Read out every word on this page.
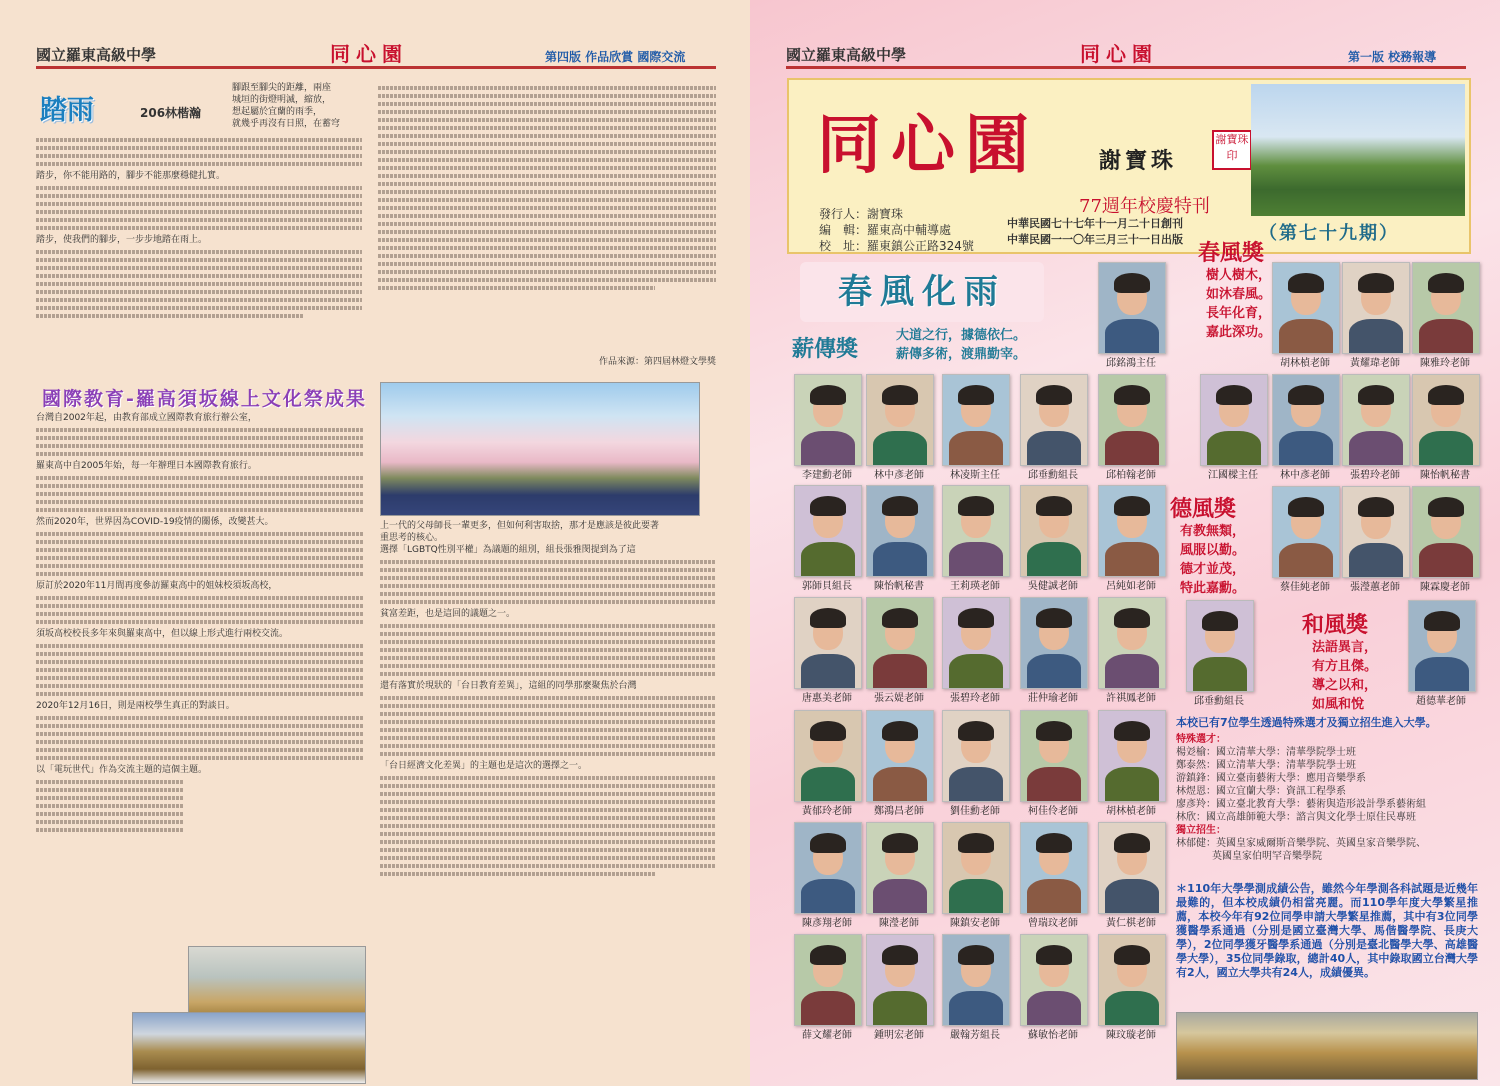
國立羅東高級中學	同心園	第四版 作品欣賞 國際交流
踏雨	206林楷瀚
腳跟至腳尖的距離，兩座
城垣的街燈明滅，縮放，
想起屬於宜蘭的雨季，
就幾乎再沒有日照，在蓄穹
踏步，你不能用路的，腳步不能那麼穩健扎實。
踏步，使我們的腳步，一步步地踏在雨上。
作品來源：第四屆林燈文學獎
國際教育-羅高須坂線上文化祭成果
台灣自2002年起，由教育部成立國際教育旅行辦公室，
羅東高中自2005年始，每一年辦理日本國際教育旅行。
然而2020年，世界因為COVID-19疫情的關係，改變甚大。
原訂於2020年11月間再度參訪羅東高中的姐妹校須坂高校，
須坂高校校長多年來與羅東高中，但以線上形式進行兩校交流。
2020年12月16日，則是兩校學生真正的對談日。
以「電玩世代」作為交流主題的這個主題。
上一代的父母師長一輩更多，但如何利害取捨，那才是應該是彼此要著
重思考的核心。
選擇「LGBTQ性別平權」為議題的組別，組長張雅閔提到為了這
貧富差距，也是這回的議題之一。
還有落實於現狀的「台日教育差異」，這組的同學那麼聚焦於台灣
「台日經濟文化差異」的主題也是這次的選擇之一。
國立羅東高級中學	同心園	第一版 校務報導
同心園	謝寶珠
謝寶珠印
77週年校慶特刊
發行人：謝寶珠
編　輯：羅東高中輔導處
校　址：羅東鎮公正路324號
中華民國七十七年十一月二十日創刊
中華民國一一〇年三月三十一日出版	（第七十九期）
春風化雨
薪傳獎
大道之行，據德依仁。
薪傳多術，渡鼎勤宰。
春風獎
樹人樹木，
如沐春風。
長年化育，
嘉此深功。
德風獎
有教無類，
風服以勤。
德才並茂，
特此嘉勳。
和風獎
法語異言，
有方且傑。
導之以和，
如風和悅
邱銘鴻主任
李建勳老師	林中彥老師	林凌斯主任	邱垂勳組長	邱柏翰老師
郭師貝組長	陳怡帆秘書	王莉瑛老師	吳健誠老師	呂純如老師
唐惠美老師	張云媞老師	張碧玲老師	莊仲瑜老師	許祺鳳老師
黃郁玲老師	鄭鴻昌老師	劉佳勳老師	柯佳伶老師	胡林楨老師
陳彥翔老師	陳瀅老師	陳鎮安老師	曾瑞玟老師	黃仁棋老師
薛文耀老師	鍾明宏老師	嚴翰芳組長	蘇敏怡老師	陳玟璇老師
胡林楨老師	黃耀瑋老師	陳雅玲老師
江國樑主任	林中彥老師	張碧玲老師	陳怡帆秘書
蔡佳純老師	張瀅蕙老師	陳霖慶老師
邱垂勳組長	趙德華老師
本校已有7位學生透過特殊選才及獨立招生進入大學。
特殊選才：
楊彣榆：國立清華大學：清華學院學士班
鄭泰然：國立清華大學：清華學院學士班
游鎮鋒：國立臺南藝術大學：應用音樂學系
林煜恩：國立宜蘭大學：資訊工程學系
廖彥羚：國立臺北教育大學：藝術與造形設計學系藝術組
林欣：國立高雄師範大學：諮言與文化學士原住民專班
獨立招生：
林郁健：英國皇家威爾斯音樂學院、英國皇家音樂學院、
英國皇家伯明罕音樂學院
＊110年大學學測成績公告，雖然今年學測各科試題是近幾年最難的，但本校成績仍相當亮麗。而110學年度大學繁星推薦，本校今年有92位同學申請大學繁星推薦，其中有3位同學獲醫學系通過（分別是國立臺灣大學、馬偕醫學院、長庚大學），2位同學獲牙醫學系通過（分別是臺北醫學大學、高雄醫學大學），35位同學錄取，總計40人，其中錄取國立台灣大學有2人，國立大學共有24人，成績優異。
